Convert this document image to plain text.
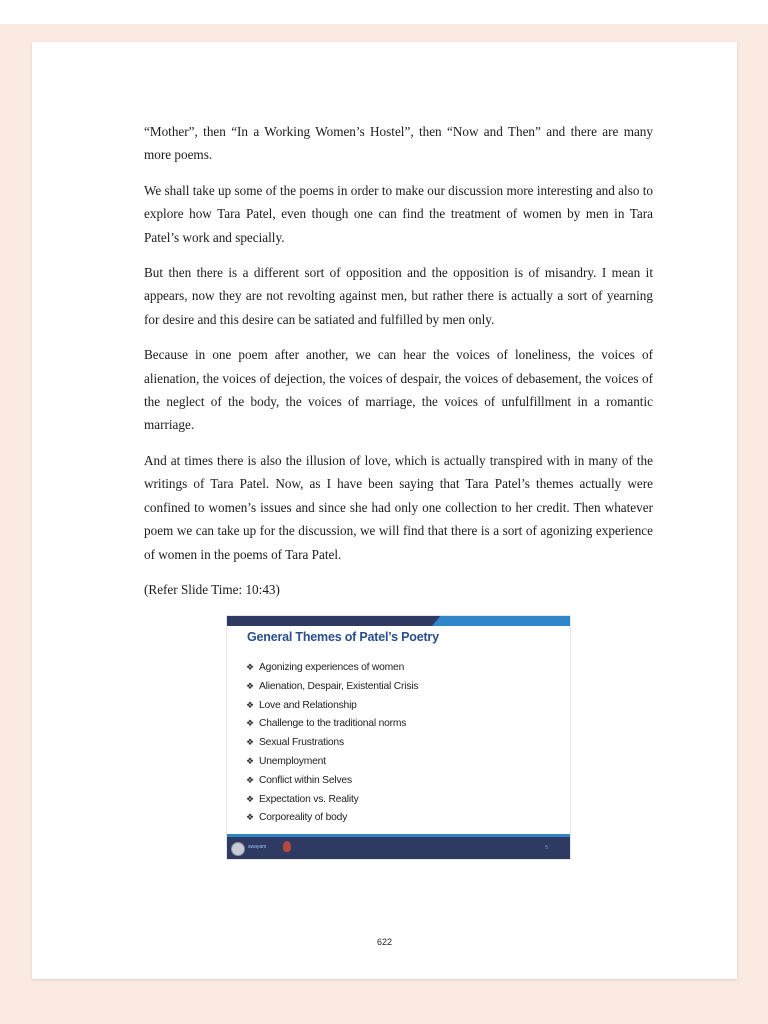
“Mother”, then “In a Working Women’s Hostel”, then “Now and Then” and there are many more poems.

We shall take up some of the poems in order to make our discussion more interesting and also to explore how Tara Patel, even though one can find the treatment of women by men in Tara Patel’s work and specially.

But then there is a different sort of opposition and the opposition is of misandry. I mean it appears, now they are not revolting against men, but rather there is actually a sort of yearning for desire and this desire can be satiated and fulfilled by men only.

Because in one poem after another, we can hear the voices of loneliness, the voices of alienation, the voices of dejection, the voices of despair, the voices of debasement, the voices of the neglect of the body, the voices of marriage, the voices of unfulfillment in a romantic marriage.

And at times there is also the illusion of love, which is actually transpired with in many of the writings of Tara Patel. Now, as I have been saying that Tara Patel’s themes actually were confined to women’s issues and since she had only one collection to her credit. Then whatever poem we can take up for the discussion, we will find that there is a sort of agonizing experience of women in the poems of Tara Patel.

(Refer Slide Time: 10:43)

General Themes of Patel’s Poetry
❖ Agonizing experiences of women
❖ Alienation, Despair, Existential Crisis
❖ Love and Relationship
❖ Challenge to the traditional norms
❖ Sexual Frustrations
❖ Unemployment
❖ Conflict within Selves
❖ Expectation vs. Reality
❖ Corporeality of body
swayam	5
622
